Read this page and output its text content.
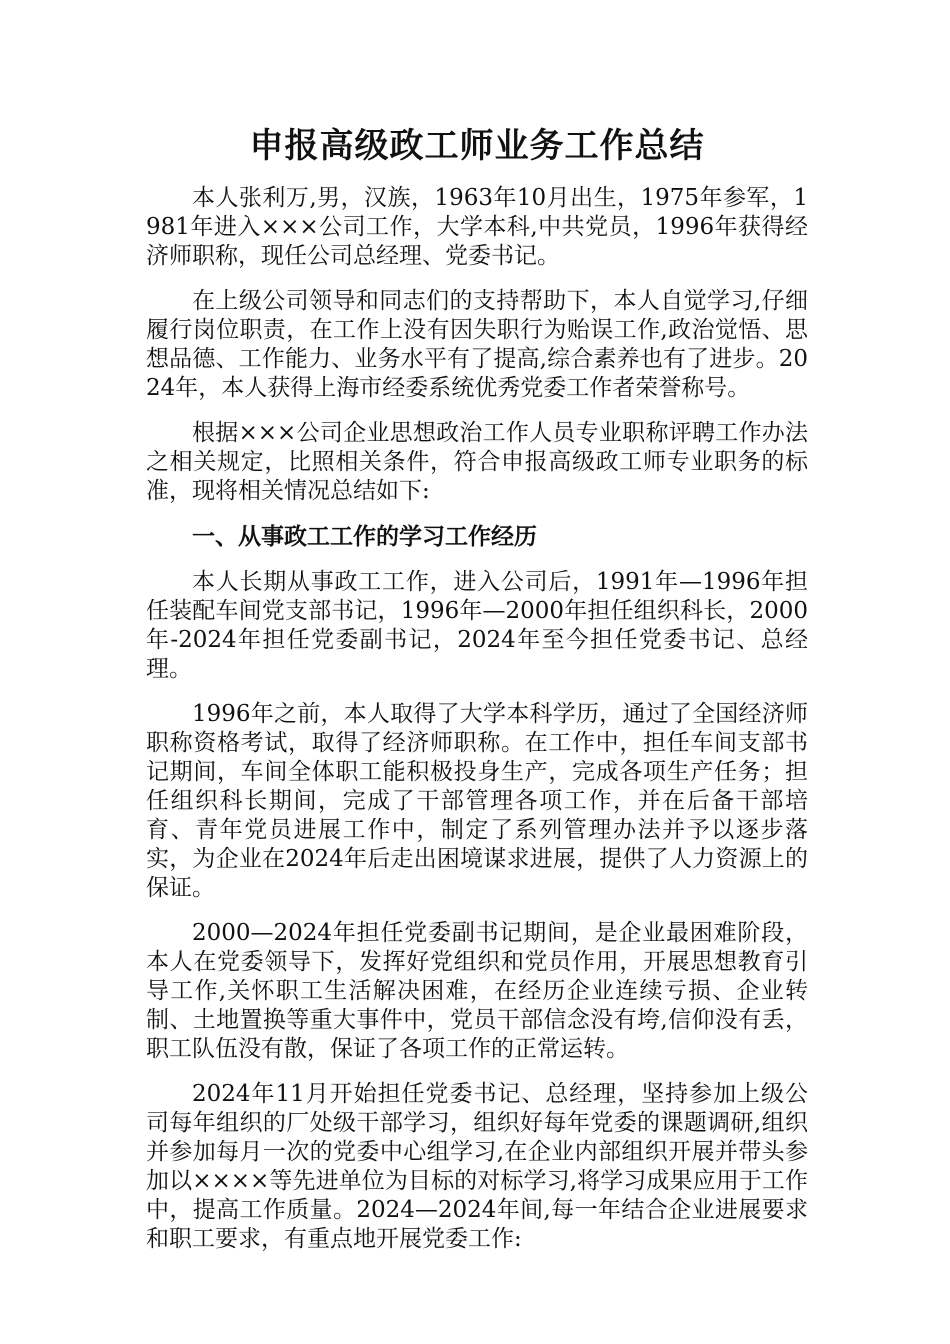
申报高级政工师业务工作总结

本人张利万,男，汉族，1963年10月出生，1975年参军，1981年进入×××公司工作，大学本科,中共党员，1996年获得经济师职称，现任公司总经理、党委书记。

在上级公司领导和同志们的支持帮助下，本人自觉学习,仔细履行岗位职责，在工作上没有因失职行为贻误工作,政治觉悟、思想品德、工作能力、业务水平有了提高,综合素养也有了进步。2024年，本人获得上海市经委系统优秀党委工作者荣誉称号。

根据×××公司企业思想政治工作人员专业职称评聘工作办法之相关规定，比照相关条件，符合申报高级政工师专业职务的标准，现将相关情况总结如下:

一、从事政工工作的学习工作经历

本人长期从事政工工作，进入公司后，1991年—1996年担任装配车间党支部书记，1996年—2000年担任组织科长，2000年-2024年担任党委副书记，2024年至今担任党委书记、总经理。

1996年之前，本人取得了大学本科学历，通过了全国经济师职称资格考试，取得了经济师职称。在工作中，担任车间支部书记期间，车间全体职工能积极投身生产，完成各项生产任务；担任组织科长期间，完成了干部管理各项工作，并在后备干部培育、青年党员进展工作中，制定了系列管理办法并予以逐步落实，为企业在2024年后走出困境谋求进展，提供了人力资源上的保证。

2000—2024年担任党委副书记期间，是企业最困难阶段，本人在党委领导下，发挥好党组织和党员作用，开展思想教育引导工作,关怀职工生活解决困难，在经历企业连续亏损、企业转制、土地置换等重大事件中，党员干部信念没有垮,信仰没有丢，职工队伍没有散，保证了各项工作的正常运转。

2024年11月开始担任党委书记、总经理，坚持参加上级公司每年组织的厂处级干部学习，组织好每年党委的课题调研,组织并参加每月一次的党委中心组学习,在企业内部组织开展并带头参加以××××等先进单位为目标的对标学习,将学习成果应用于工作中，提高工作质量。2024—2024年间,每一年结合企业进展要求和职工要求，有重点地开展党委工作:
